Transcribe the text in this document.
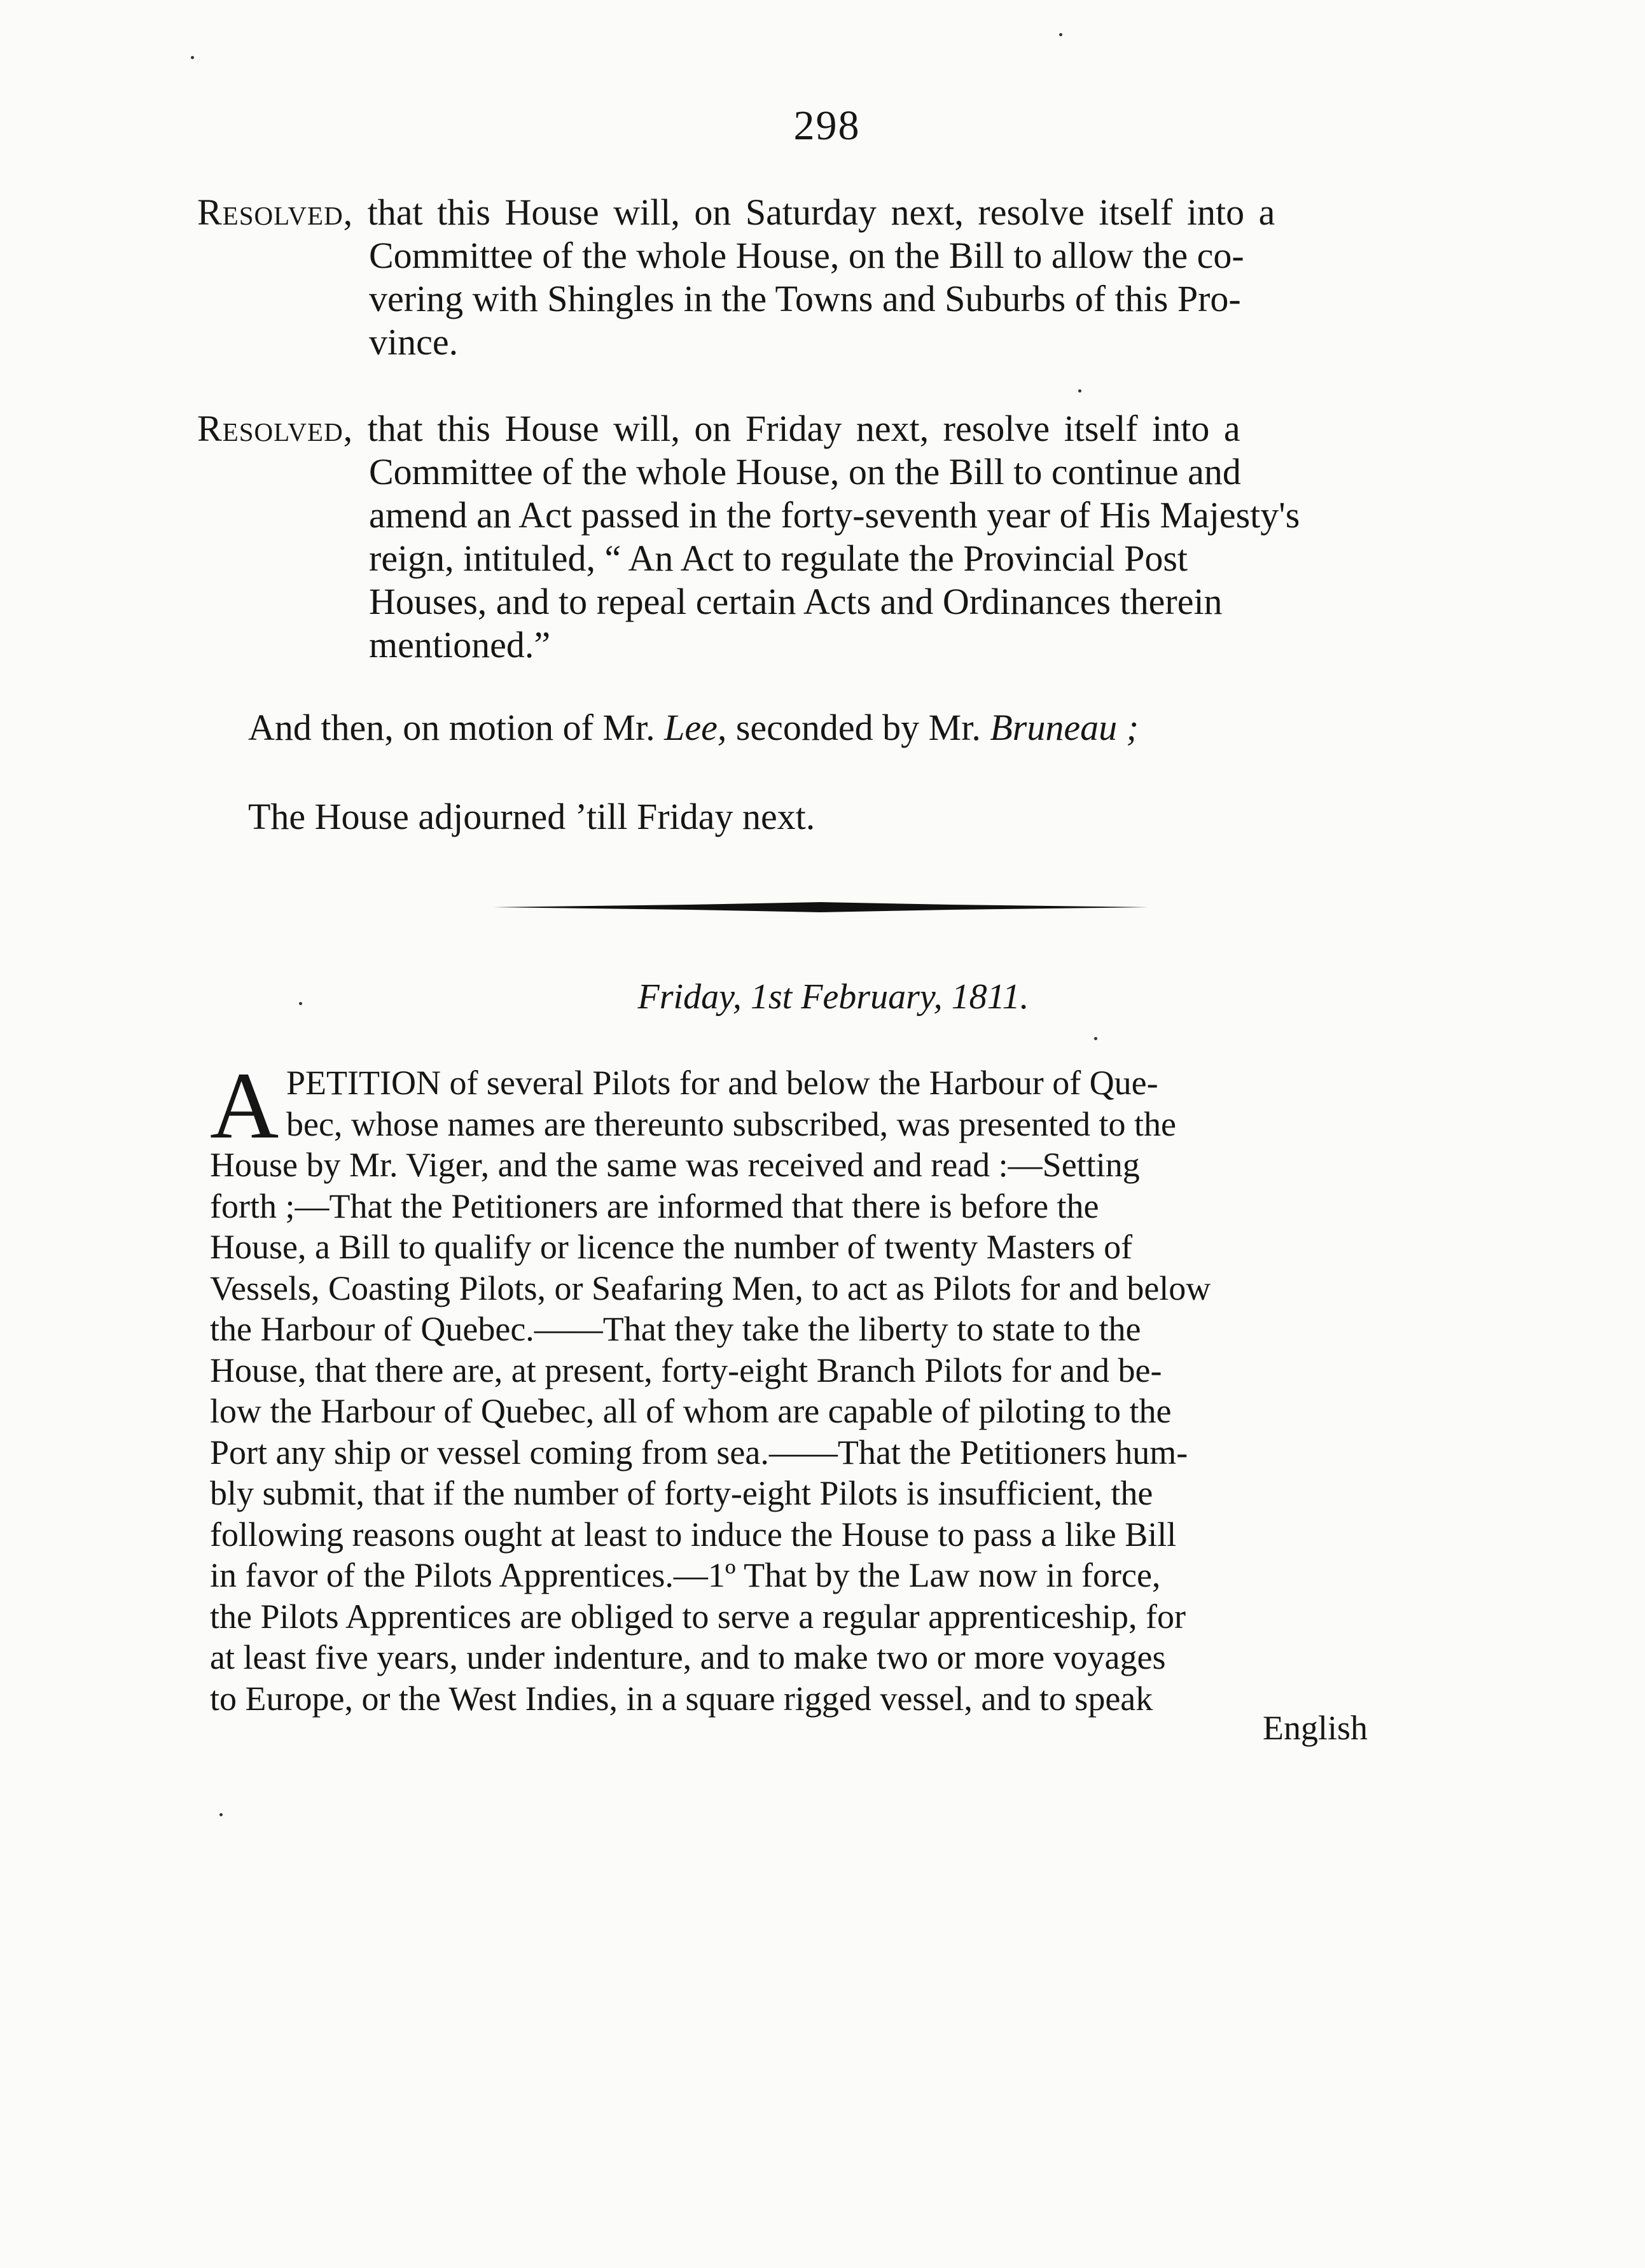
298
Resolved, that this House will, on Saturday next, resolve itself into a
Committee of the whole House, on the Bill to allow the co-
vering with Shingles in the Towns and Suburbs of this Pro-
vince.
Resolved, that this House will, on Friday next, resolve itself into a
Committee of the whole House, on the Bill to continue and
amend an Act passed in the forty-seventh year of His Majesty's
reign, intituled, “ An Act to regulate the Provincial Post
Houses, and to repeal certain Acts and Ordinances therein
mentioned.”
And then, on motion of Mr. Lee, seconded by Mr. Bruneau ;
The House adjourned ’till Friday next.
Friday, 1st February, 1811.
A PETITION of several Pilots for and below the Harbour of Que-
bec, whose names are thereunto subscribed, was presented to the
House by Mr. Viger, and the same was received and read :—Setting
forth ;—That the Petitioners are informed that there is before the
House, a Bill to qualify or licence the number of twenty Masters of
Vessels, Coasting Pilots, or Seafaring Men, to act as Pilots for and below
the Harbour of Quebec.——That they take the liberty to state to the
House, that there are, at present, forty-eight Branch Pilots for and be-
low the Harbour of Quebec, all of whom are capable of piloting to the
Port any ship or vessel coming from sea.——That the Petitioners hum-
bly submit, that if the number of forty-eight Pilots is insufficient, the
following reasons ought at least to induce the House to pass a like Bill
in favor of the Pilots Apprentices.—1º That by the Law now in force,
the Pilots Apprentices are obliged to serve a regular apprenticeship, for
at least five years, under indenture, and to make two or more voyages
to Europe, or the West Indies, in a square rigged vessel, and to speak
English
